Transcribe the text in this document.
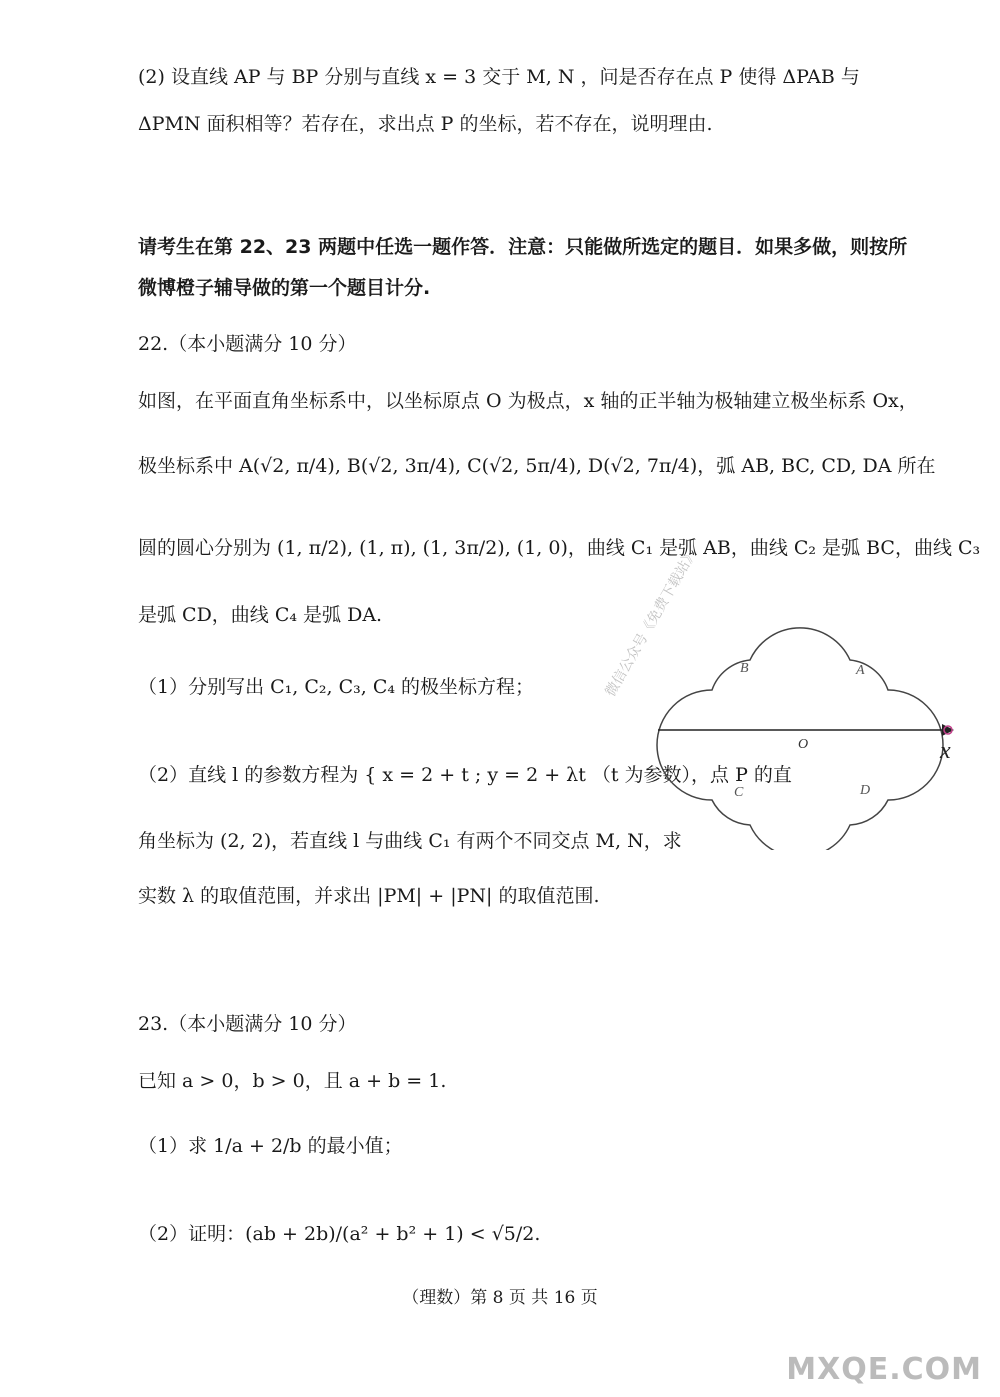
(2) 设直线 AP 与 BP 分别与直线 x = 3 交于 M, N ，问是否存在点 P 使得 ΔPAB 与
ΔPMN 面积相等？若存在，求出点 P 的坐标，若不存在，说明理由.
请考生在第 22、23 两题中任选一题作答．注意：只能做所选定的题目．如果多做，则按所
微博橙子辅导做的第一个题目计分.
22.（本小题满分 10 分）
如图，在平面直角坐标系中，以坐标原点 O 为极点，x 轴的正半轴为极轴建立极坐标系 Ox，
极坐标系中 A(√2, π/4), B(√2, 3π/4), C(√2, 5π/4), D(√2, 7π/4)，弧 AB, BC, CD, DA 所在
圆的圆心分别为 (1, π/2), (1, π), (1, 3π/2), (1, 0)，曲线 C₁ 是弧 AB，曲线 C₂ 是弧 BC，曲线 C₃
是弧 CD，曲线 C₄ 是弧 DA.
（1）分别写出 C₁, C₂, C₃, C₄ 的极坐标方程；
（2）直线 l 的参数方程为 { x = 2 + t ; y = 2 + λt （t 为参数），点 P 的直
角坐标为 (2, 2)，若直线 l 与曲线 C₁ 有两个不同交点 M, N，求
实数 λ 的取值范围，并求出 |PM| + |PN| 的取值范围.
B	A
O
C	D
x
微信公众号《免费下载站》
23.（本小题满分 10 分）
已知 a > 0，b > 0，且 a + b = 1.
（1）求 1/a + 2/b 的最小值；
（2）证明：(ab + 2b)/(a² + b² + 1) < √5/2.
（理数）第 8 页 共 16 页
MXQE.COM
